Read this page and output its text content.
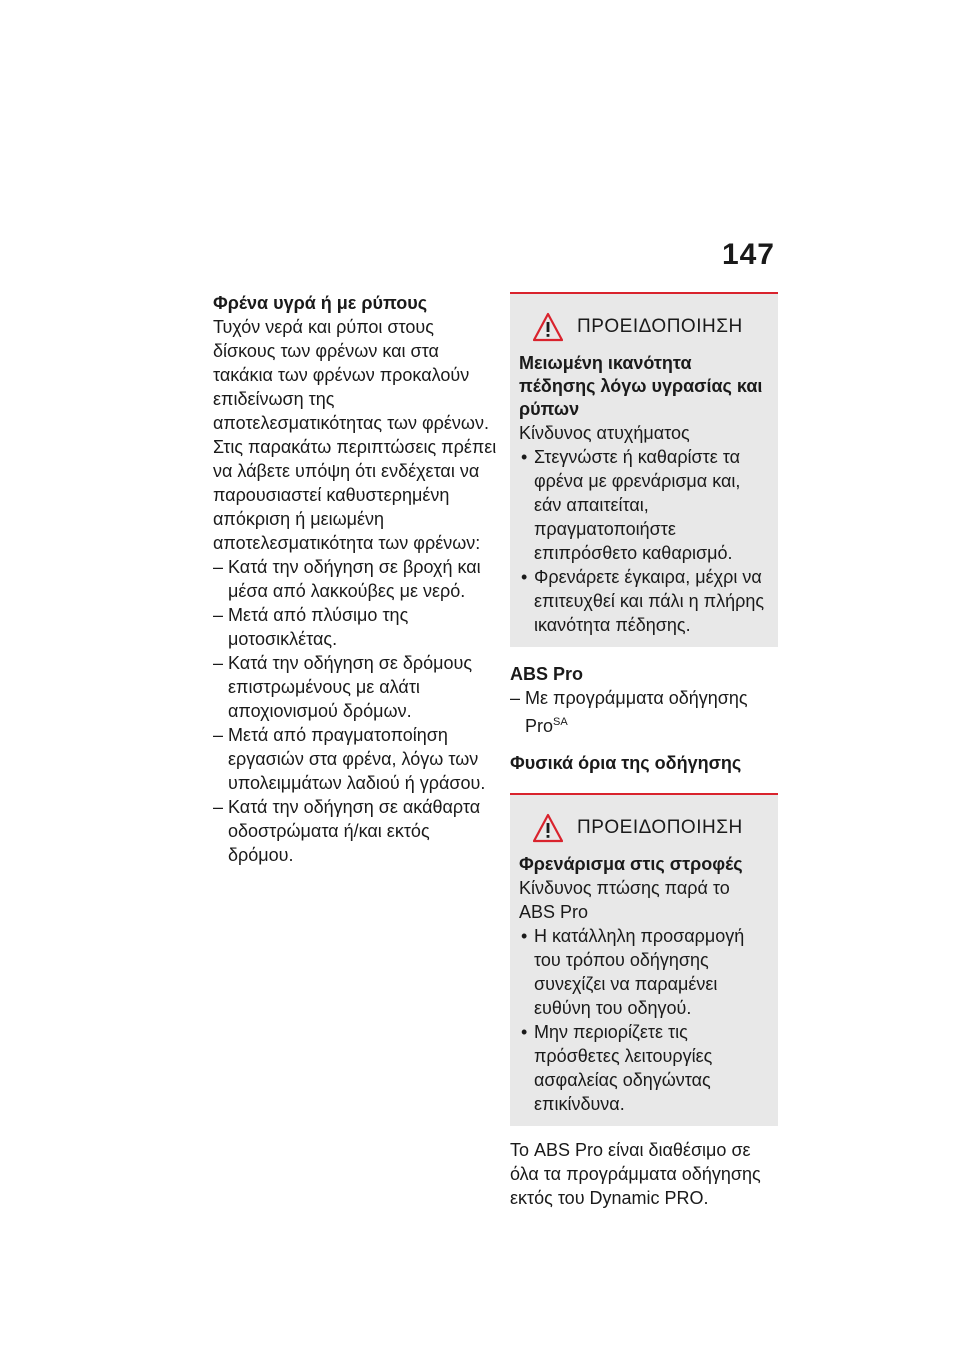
147

Φρένα υγρά ή με ρύπους

Τυχόν νερά και ρύποι στους δίσκους των φρένων και στα τακάκια των φρένων προκαλούν επιδείνωση της αποτελεσματικότητας των φρένων.

Στις παρακάτω περιπτώσεις πρέπει να λάβετε υπόψη ότι ενδέχεται να παρουσιαστεί καθυστερημένη απόκριση ή μειωμένη αποτελεσματικότητα των φρένων:

– Κατά την οδήγηση σε βροχή και μέσα από λακκούβες με νερό.
– Μετά από πλύσιμο της μοτοσικλέτας.
– Κατά την οδήγηση σε δρόμους επιστρωμένους με αλάτι αποχιονισμού δρόμων.
– Μετά από πραγματοποίηση εργασιών στα φρένα, λόγω των υπολειμμάτων λαδιού ή γράσου.
– Κατά την οδήγηση σε ακάθαρτα οδοστρώματα ή/και εκτός δρόμου.
ΠΡΟΕΙΔΟΠΟΙΗΣΗ

Μειωμένη ικανότητα πέδησης λόγω υγρασίας και ρύπων

Κίνδυνος ατυχήματος

• Στεγνώστε ή καθαρίστε τα φρένα με φρενάρισμα και, εάν απαιτείται, πραγματοποιήστε επιπρόσθετο καθαρισμό.
• Φρενάρετε έγκαιρα, μέχρι να επιτευχθεί και πάλι η πλήρης ικανότητα πέδησης.

ABS Pro

– Με προγράμματα οδήγησης Pro$^{SA}$

Φυσικά όρια της οδήγησης

ΠΡΟΕΙΔΟΠΟΙΗΣΗ

Φρενάρισμα στις στροφές

Κίνδυνος πτώσης παρά το ABS Pro

• Η κατάλληλη προσαρμογή του τρόπου οδήγησης συνεχίζει να παραμένει ευθύνη του οδηγού.
• Μην περιορίζετε τις πρόσθετες λειτουργίες ασφαλείας οδηγώντας επικίνδυνα.

Το ABS Pro είναι διαθέσιμο σε όλα τα προγράμματα οδήγησης εκτός του Dynamic PRO.
